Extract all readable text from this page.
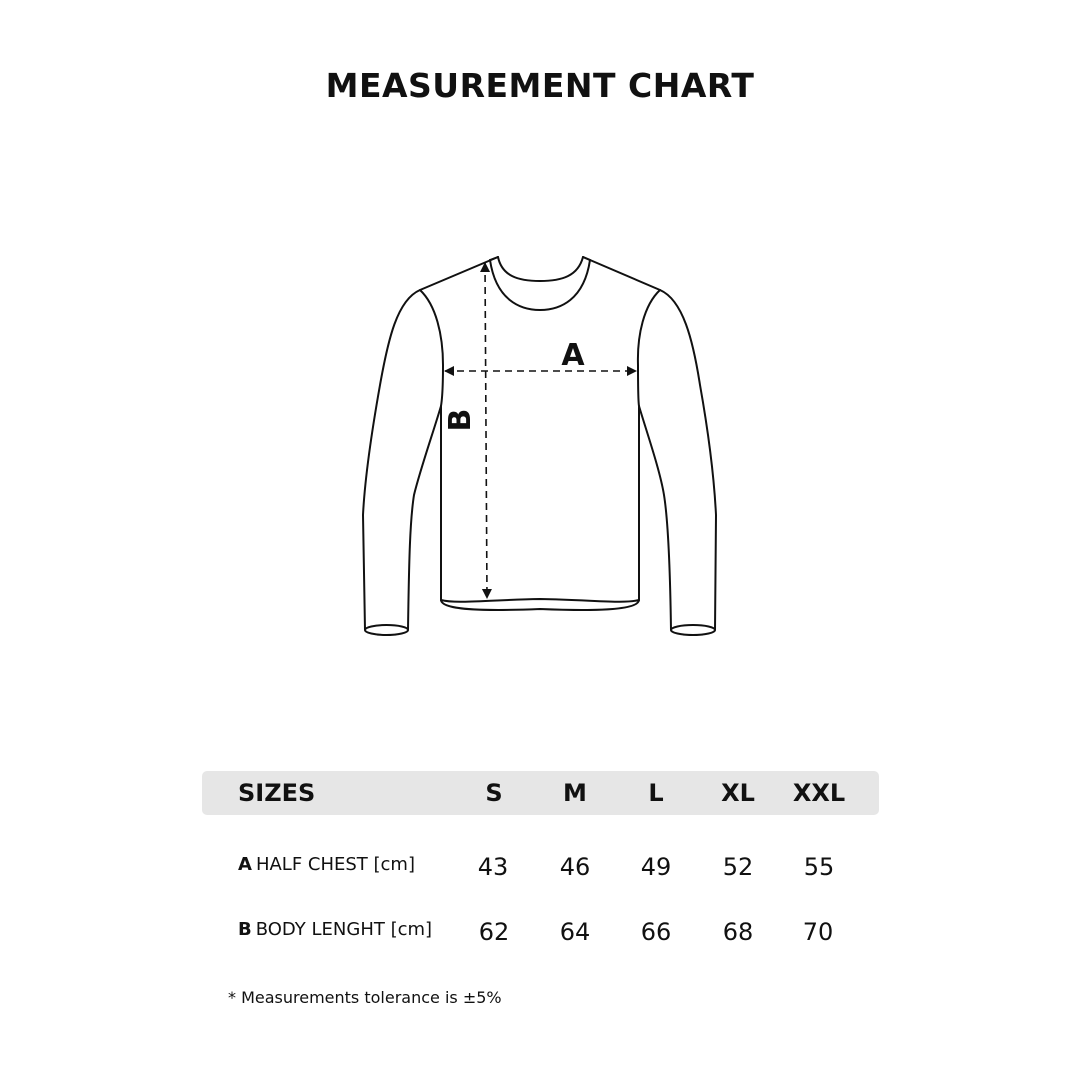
MEASUREMENT CHART
A
B
SIZES	S	M	L	XL	XXL
A HALF CHEST [cm]	43	46	49	52	55
B BODY LENGHT [cm]	62	64	66	68	70
* Measurements tolerance is ±5%
